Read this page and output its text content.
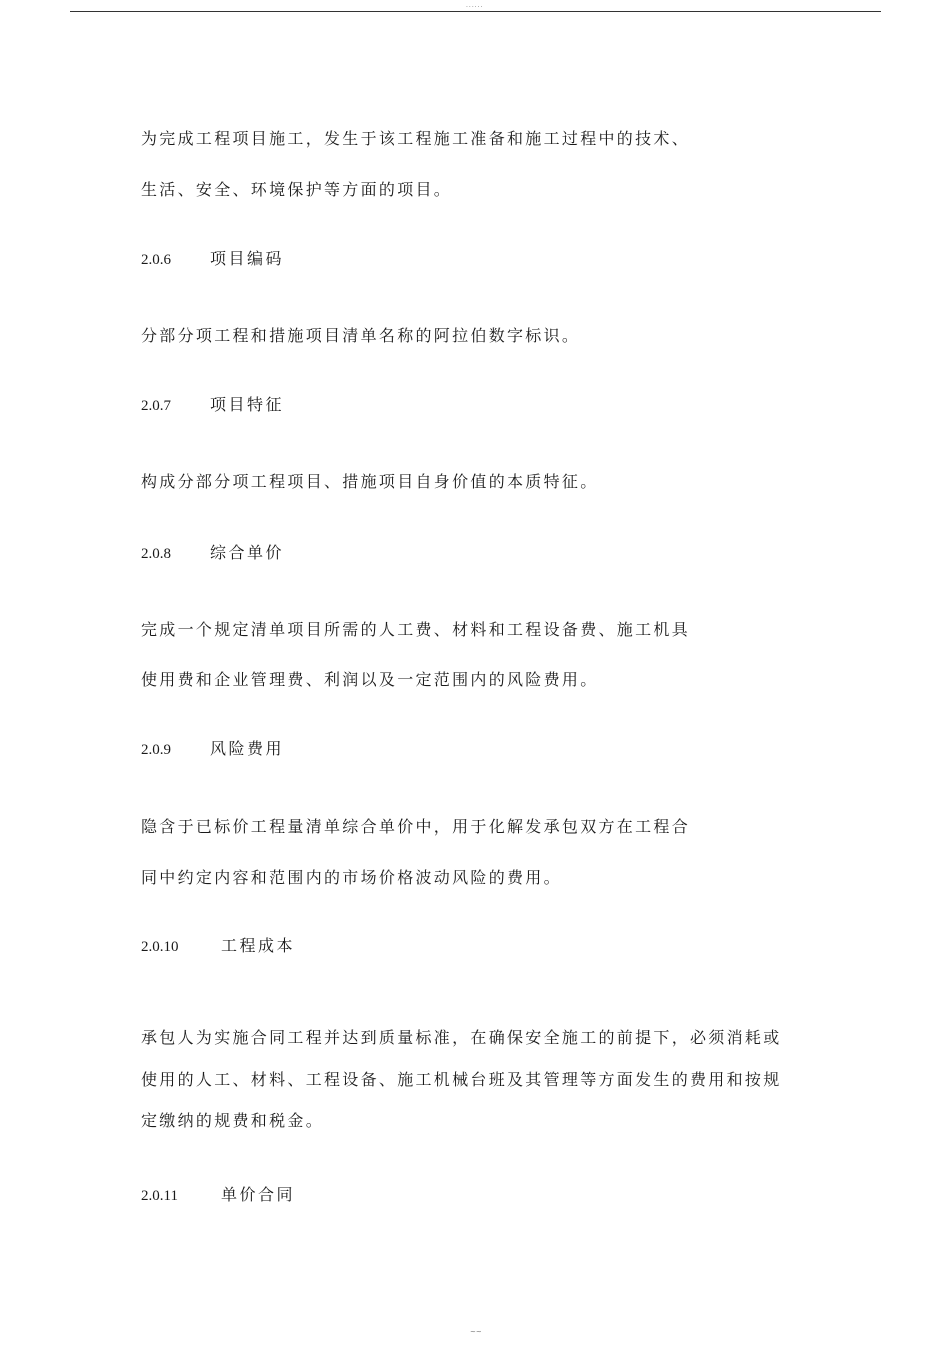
......
为完成工程项目施工，发生于该工程施工准备和施工过程中的技术、
生活、安全、环境保护等方面的项目。
2.0.6 项目编码
分部分项工程和措施项目清单名称的阿拉伯数字标识。
2.0.7 项目特征
构成分部分项工程项目、措施项目自身价值的本质特征。
2.0.8 综合单价
完成一个规定清单项目所需的人工费、材料和工程设备费、施工机具
使用费和企业管理费、利润以及一定范围内的风险费用。
2.0.9 风险费用
隐含于已标价工程量清单综合单价中，用于化解发承包双方在工程合
同中约定内容和范围内的市场价格波动风险的费用。
2.0.10	工程成本
承包人为实施合同工程并达到质量标准，在确保安全施工的前提下，必须消耗或
使用的人工、材料、工程设备、施工机械台班及其管理等方面发生的费用和按规
定缴纳的规费和税金。
2.0.11	单价合同
~~
